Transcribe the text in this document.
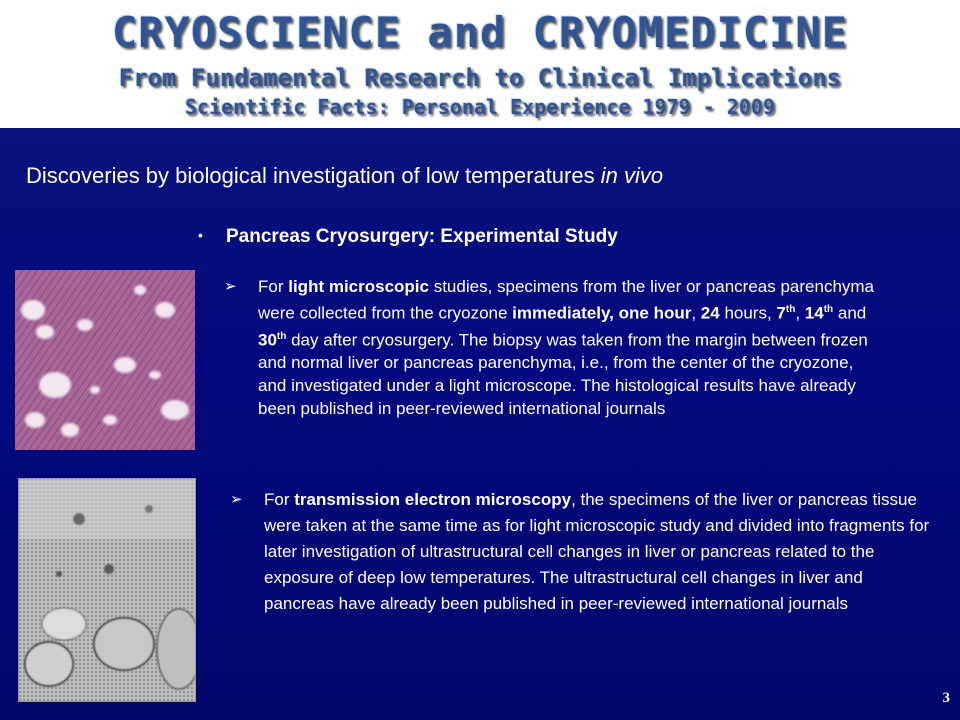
CRYOSCIENCE and CRYOMEDICINE
From Fundamental Research to Clinical Implications
Scientific Facts: Personal Experience 1979 - 2009
Discoveries by biological investigation of low temperatures in vivo
• Pancreas Cryosurgery: Experimental Study
➢ For light microscopic studies, specimens from the liver or pancreas parenchyma were collected from the cryozone immediately, one hour, 24 hours, 7th, 14th and 30th day after cryosurgery. The biopsy was taken from the margin between frozen and normal liver or pancreas parenchyma, i.e., from the center of the cryozone, and investigated under a light microscope. The histological results have already been published in peer-reviewed international journals
➢ For transmission electron microscopy, the specimens of the liver or pancreas tissue were taken at the same time as for light microscopic study and divided into fragments for later investigation of ultrastructural cell changes in liver or pancreas related to the exposure of deep low temperatures. The ultrastructural cell changes in liver and pancreas have already been published in peer-reviewed international journals
3
